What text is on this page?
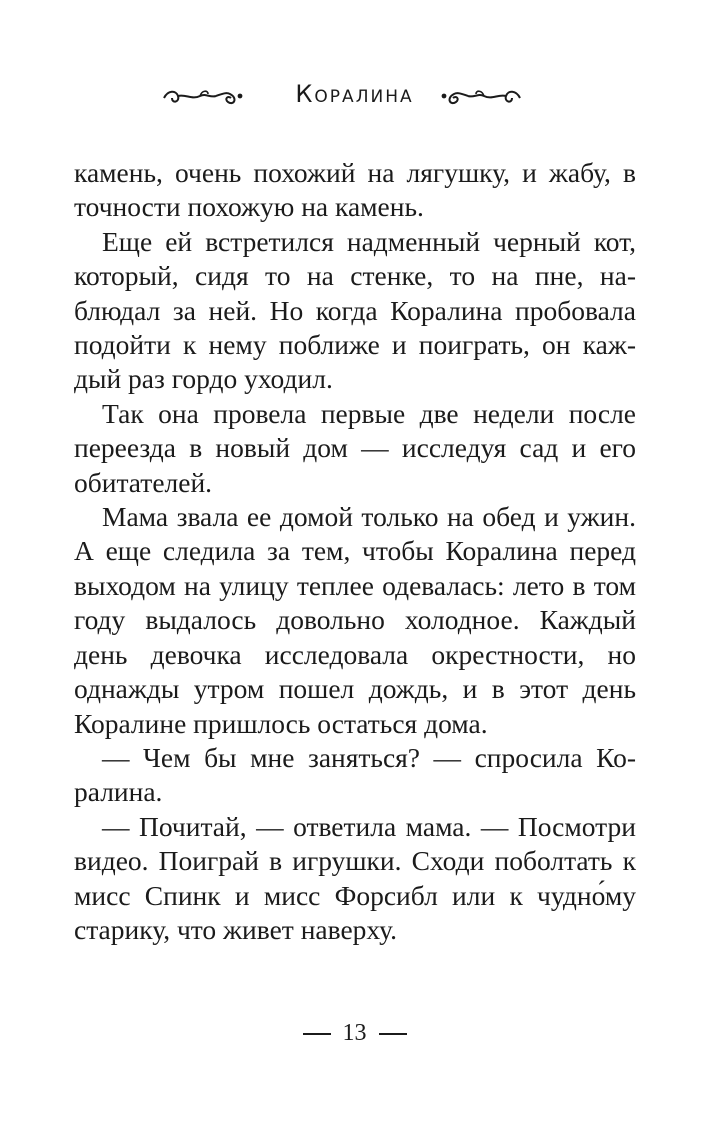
Коралина

камень, очень похожий на лягушку, и жабу, в точности похожую на камень.

Еще ей встретился надменный черный кот, который, сидя то на стенке, то на пне, наблюдал за ней. Но когда Коралина пробовала подойти к нему поближе и поиграть, он каждый раз гордо уходил.

Так она провела первые две недели после переезда в новый дом — исследуя сад и его обитателей.

Мама звала ее домой только на обед и ужин. А еще следила за тем, чтобы Коралина перед выходом на улицу теплее одевалась: лето в том году выдалось довольно холодное. Каждый день девочка исследовала окрестности, но однажды утром пошел дождь, и в этот день Коралине пришлось остаться дома.

— Чем бы мне заняться? — спросила Коралина.

— Почитай, — ответила мама. — Посмотри видео. Поиграй в игрушки. Сходи поболтать к мисс Спинк и мисс Форсибл или к чудно́му старику, что живет наверху.

13
